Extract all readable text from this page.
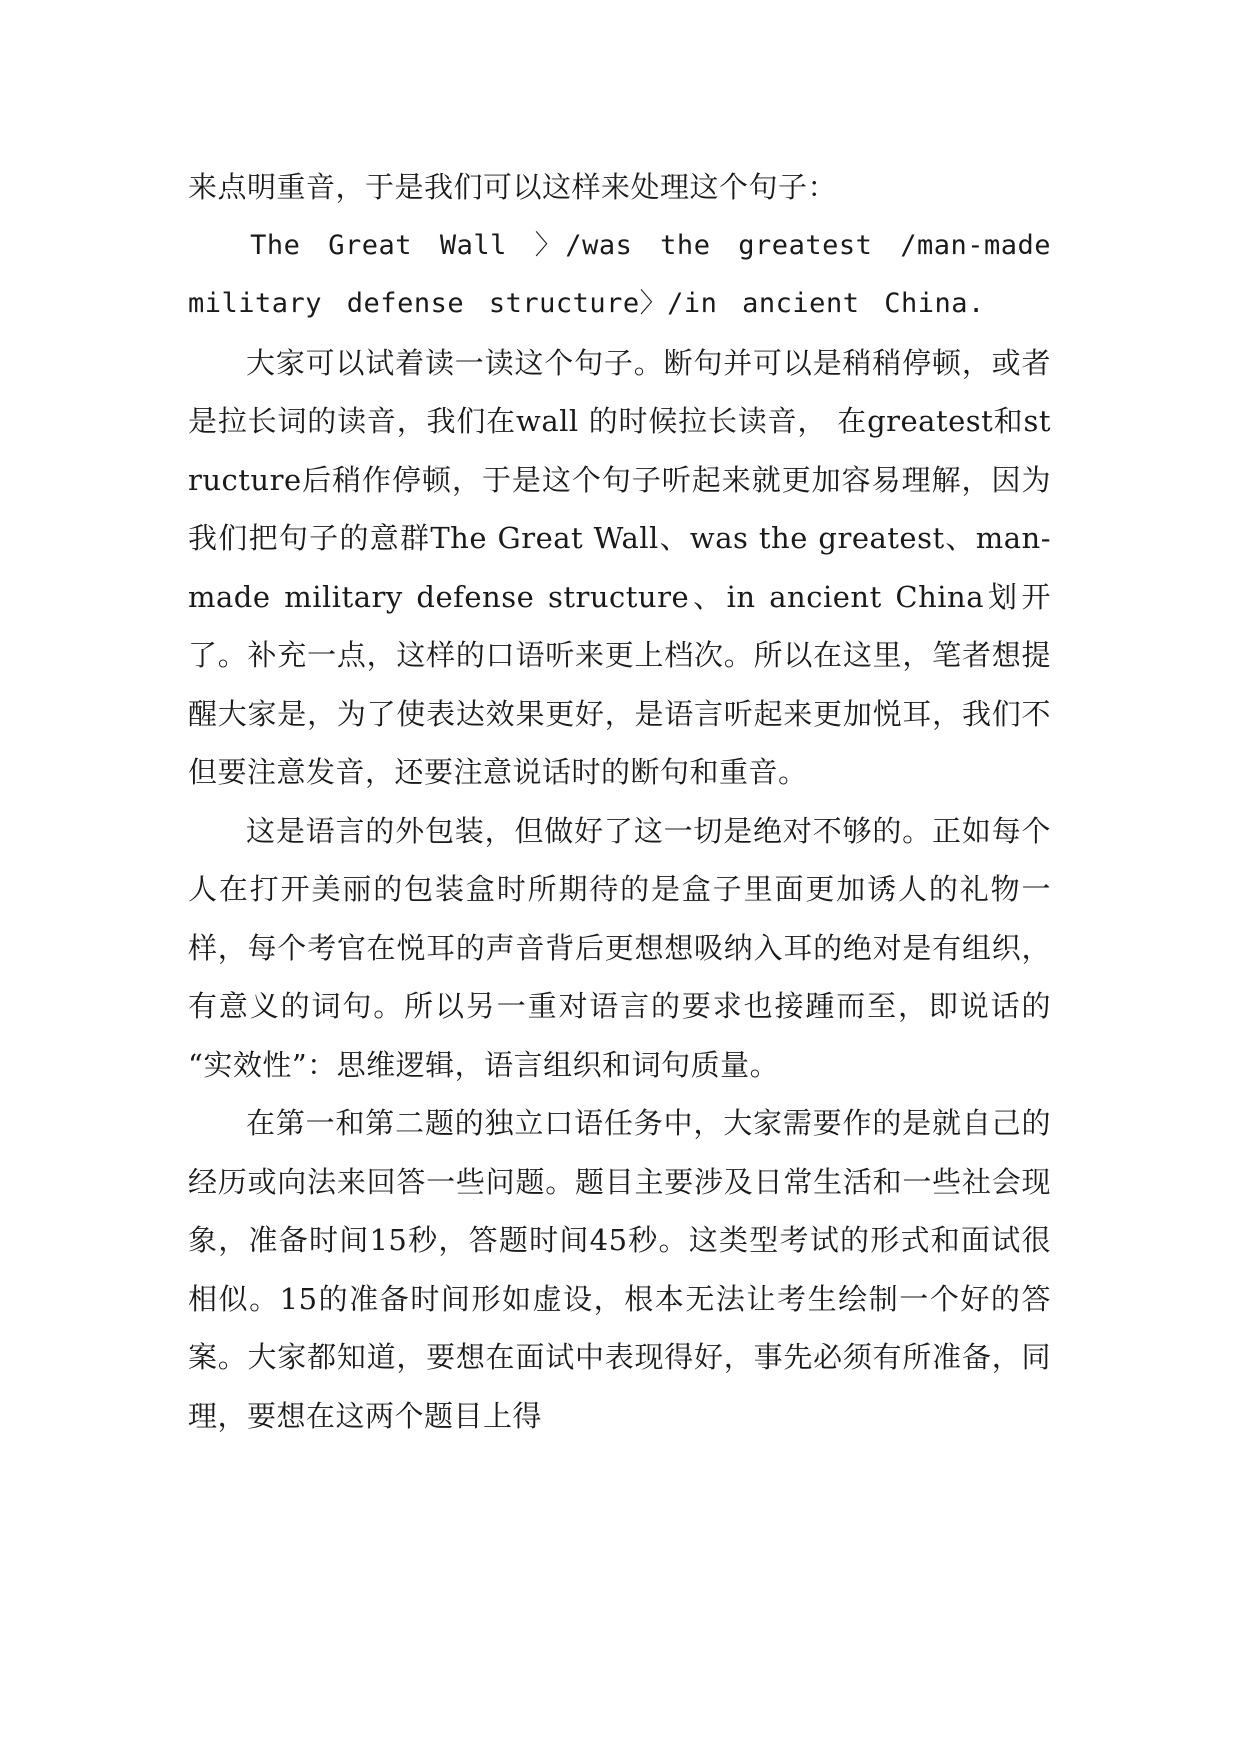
来点明重音，于是我们可以这样来处理这个句子：

The Great Wall 〉/was the greatest /man-made military defense structure〉/in ancient China.

大家可以试着读一读这个句子。断句并可以是稍稍停顿，或者是拉长词的读音，我们在wall 的时候拉长读音， 在greatest和structure后稍作停顿，于是这个句子听起来就更加容易理解，因为我们把句子的意群The Great Wall、was the greatest、man-made military defense structure、in ancient China划开了。补充一点，这样的口语听来更上档次。所以在这里，笔者想提醒大家是，为了使表达效果更好，是语言听起来更加悦耳，我们不但要注意发音，还要注意说话时的断句和重音。

这是语言的外包装，但做好了这一切是绝对不够的。正如每个人在打开美丽的包装盒时所期待的是盒子里面更加诱人的礼物一样，每个考官在悦耳的声音背后更想想吸纳入耳的绝对是有组织，有意义的词句。所以另一重对语言的要求也接踵而至，即说话的 “实效性”：思维逻辑，语言组织和词句质量。

在第一和第二题的独立口语任务中，大家需要作的是就自己的经历或向法来回答一些问题。题目主要涉及日常生活和一些社会现象，准备时间15秒，答题时间45秒。这类型考试的形式和面试很相似。15的准备时间形如虚设，根本无法让考生绘制一个好的答案。大家都知道，要想在面试中表现得好，事先必须有所准备，同理，要想在这两个题目上得
